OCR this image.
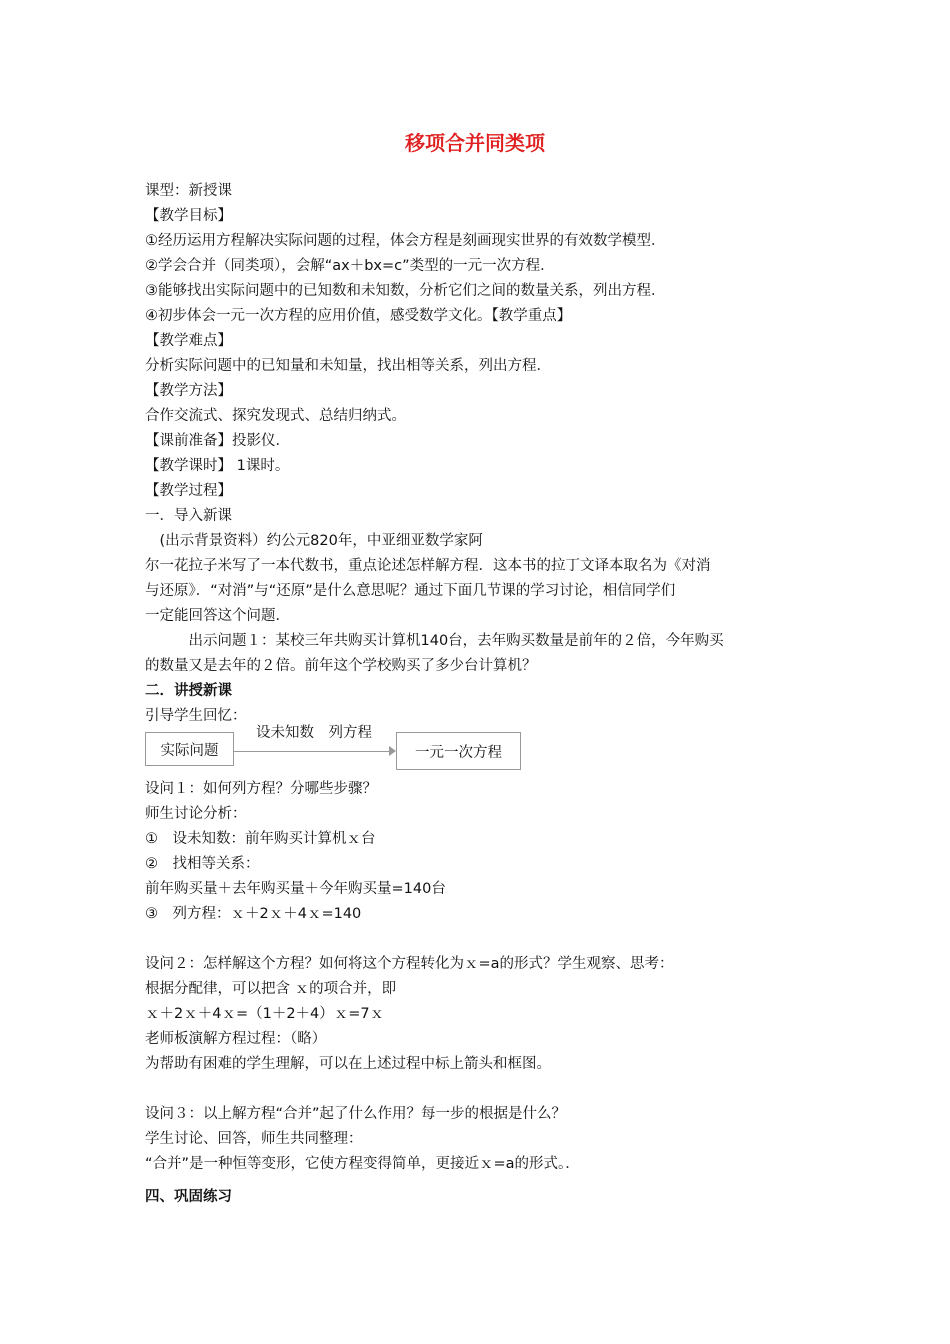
移项合并同类项
课型：新授课
【教学目标】
①经历运用方程解决实际问题的过程，体会方程是刻画现实世界的有效数学模型．
②学会合并（同类项），会解“ax＋bx=c”类型的一元一次方程．
③能够找出实际问题中的已知数和未知数，分析它们之间的数量关系，列出方程．
④初步体会一元一次方程的应用价值，感受数学文化。【教学重点】
【教学难点】
分析实际问题中的已知量和未知量，找出相等关系，列出方程．
【教学方法】
合作交流式、探究发现式、总结归纳式。
【课前准备】投影仪．
【教学课时】 1课时。
【教学过程】
一．导入新课
　(出示背景资料）约公元820年，中亚细亚数学家阿
尔一花拉子米写了一本代数书，重点论述怎样解方程．这本书的拉丁文译本取名为《对消
与还原》．“对消”与“还原”是什么意思呢？通过下面几节课的学习讨论，相信同学们
一定能回答这个问题．
　　　出示问题１：某校三年共购买计算机140台，去年购买数量是前年的２倍，今年购买
的数量又是去年的２倍。前年这个学校购买了多少台计算机？
二．讲授新课
引导学生回忆：
实际问题
设未知数　列方程
一元一次方程
设问１：如何列方程？分哪些步骤？
师生讨论分析：
①　设未知数：前年购买计算机ｘ台
②　找相等关系：
前年购买量＋去年购买量＋今年购买量=140台
③　列方程：ｘ＋2ｘ＋4ｘ=140
设问２：怎样解这个方程？如何将这个方程转化为ｘ=a的形式？学生观察、思考：
根据分配律，可以把含 ｘ的项合并，即
ｘ＋2ｘ＋4ｘ=（1＋2＋4）ｘ=7ｘ
老师板演解方程过程：（略）
为帮助有困难的学生理解，可以在上述过程中标上箭头和框图。
设问３：以上解方程“合并”起了什么作用？每一步的根据是什么？
学生讨论、回答，师生共同整理：
“合并”是一种恒等变形，它使方程变得简单，更接近ｘ=a的形式。．
四、巩固练习
